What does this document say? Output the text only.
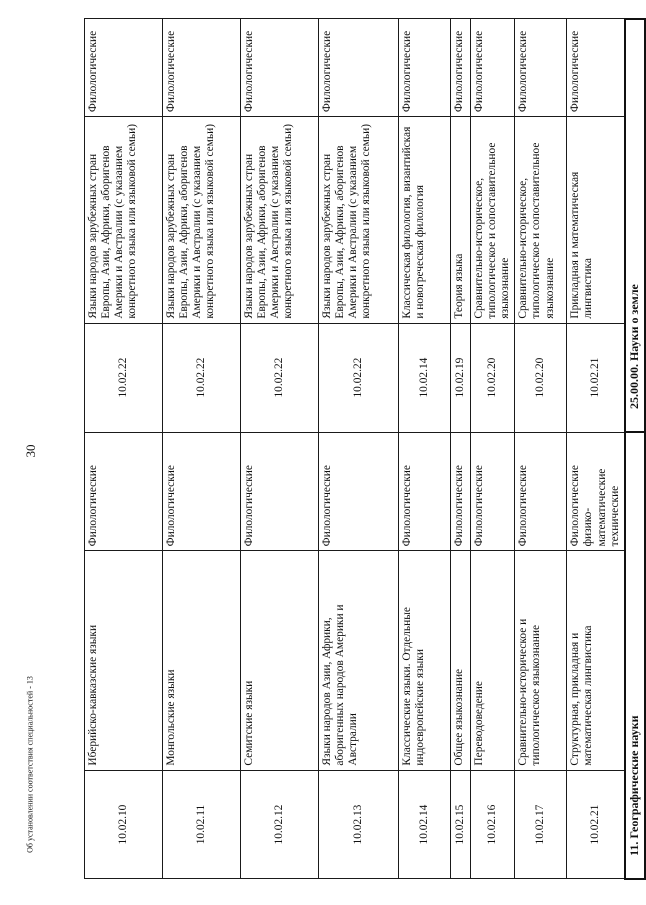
30
10.02.10	Иберийско-кавказские языки	Филологические	10.02.22	Языки народов зарубежных стран Европы, Азии, Африки, аборигенов Америки и Австралии (с указанием конкретного языка или языковой семьи)	Филологические
10.02.11	Монгольские языки	Филологические	10.02.22	Языки народов зарубежных стран Европы, Азии, Африки, аборигенов Америки и Австралии (с указанием конкретного языка или языковой семьи)	Филологические
10.02.12	Семитские языки	Филологические	10.02.22	Языки народов зарубежных стран Европы, Азии, Африки, аборигенов Америки и Австралии (с указанием конкретного языка или языковой семьи)	Филологические
10.02.13	Языки народов Азии, Африки, аборигенных народов Америки и Австралии	Филологические	10.02.22	Языки народов зарубежных стран Европы, Азии, Африки, аборигенов Америки и Австралии (с указанием конкретного языка или языковой семьи)	Филологические
10.02.14	Классические языки. Отдельные индоевропейские языки	Филологические	10.02.14	Классическая филология, византийская и новогреческая филология	Филологические
10.02.15	Общее языкознание	Филологические	10.02.19	Теория языка	Филологические
10.02.16	Переводоведение	Филологические	10.02.20	Сравнительно-историческое, типологическое и сопоставительное языкознание	Филологические
10.02.17	Сравнительно-историческое и типологическое языкознание	Филологические	10.02.20	Сравнительно-историческое, типологическое и сопоставительное языкознание	Филологические
10.02.21	Структурная, прикладная и математическая лингвистика	Филологические физико-математические технические	10.02.21	Прикладная и математическая лингвистика	Филологические
11. Географические науки			25.00.00. Науки о земле		
Об установлении соответствия специальностей - 13
